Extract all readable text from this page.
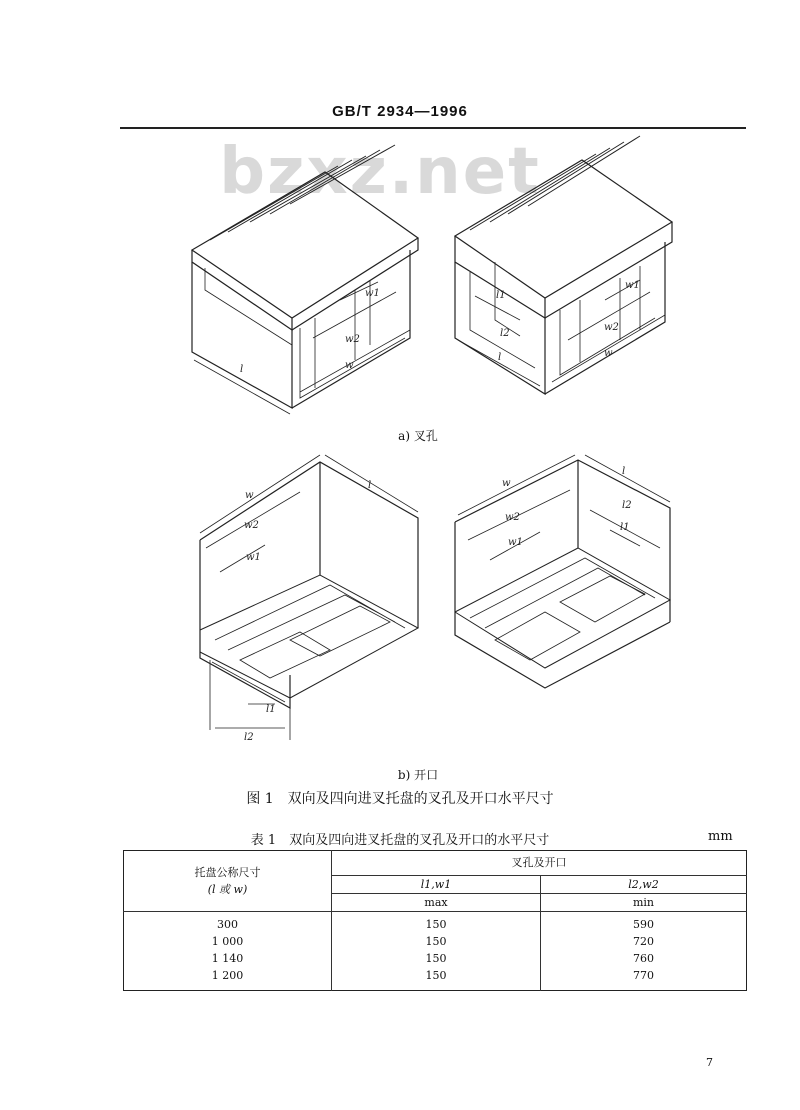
GB/T 2934—1996
bzxz.net
l	w
w2
w1
l	w
l2
l1
w2
w1
w
l
w2
w1
l1
l2
w
l
w2
w1
l2
l1
a) 叉孔
b) 开口
图 1　双向及四向进叉托盘的叉孔及开口水平尺寸
表 1　双向及四向进叉托盘的叉孔及开口的水平尺寸	mm
托盘公称尺寸
(l 或 w)	叉孔及开口	
	l1,w1	l2,w2
	max	min
300	150	590
1 000	150	720
1 140	150	760
1 200	150	770
7
